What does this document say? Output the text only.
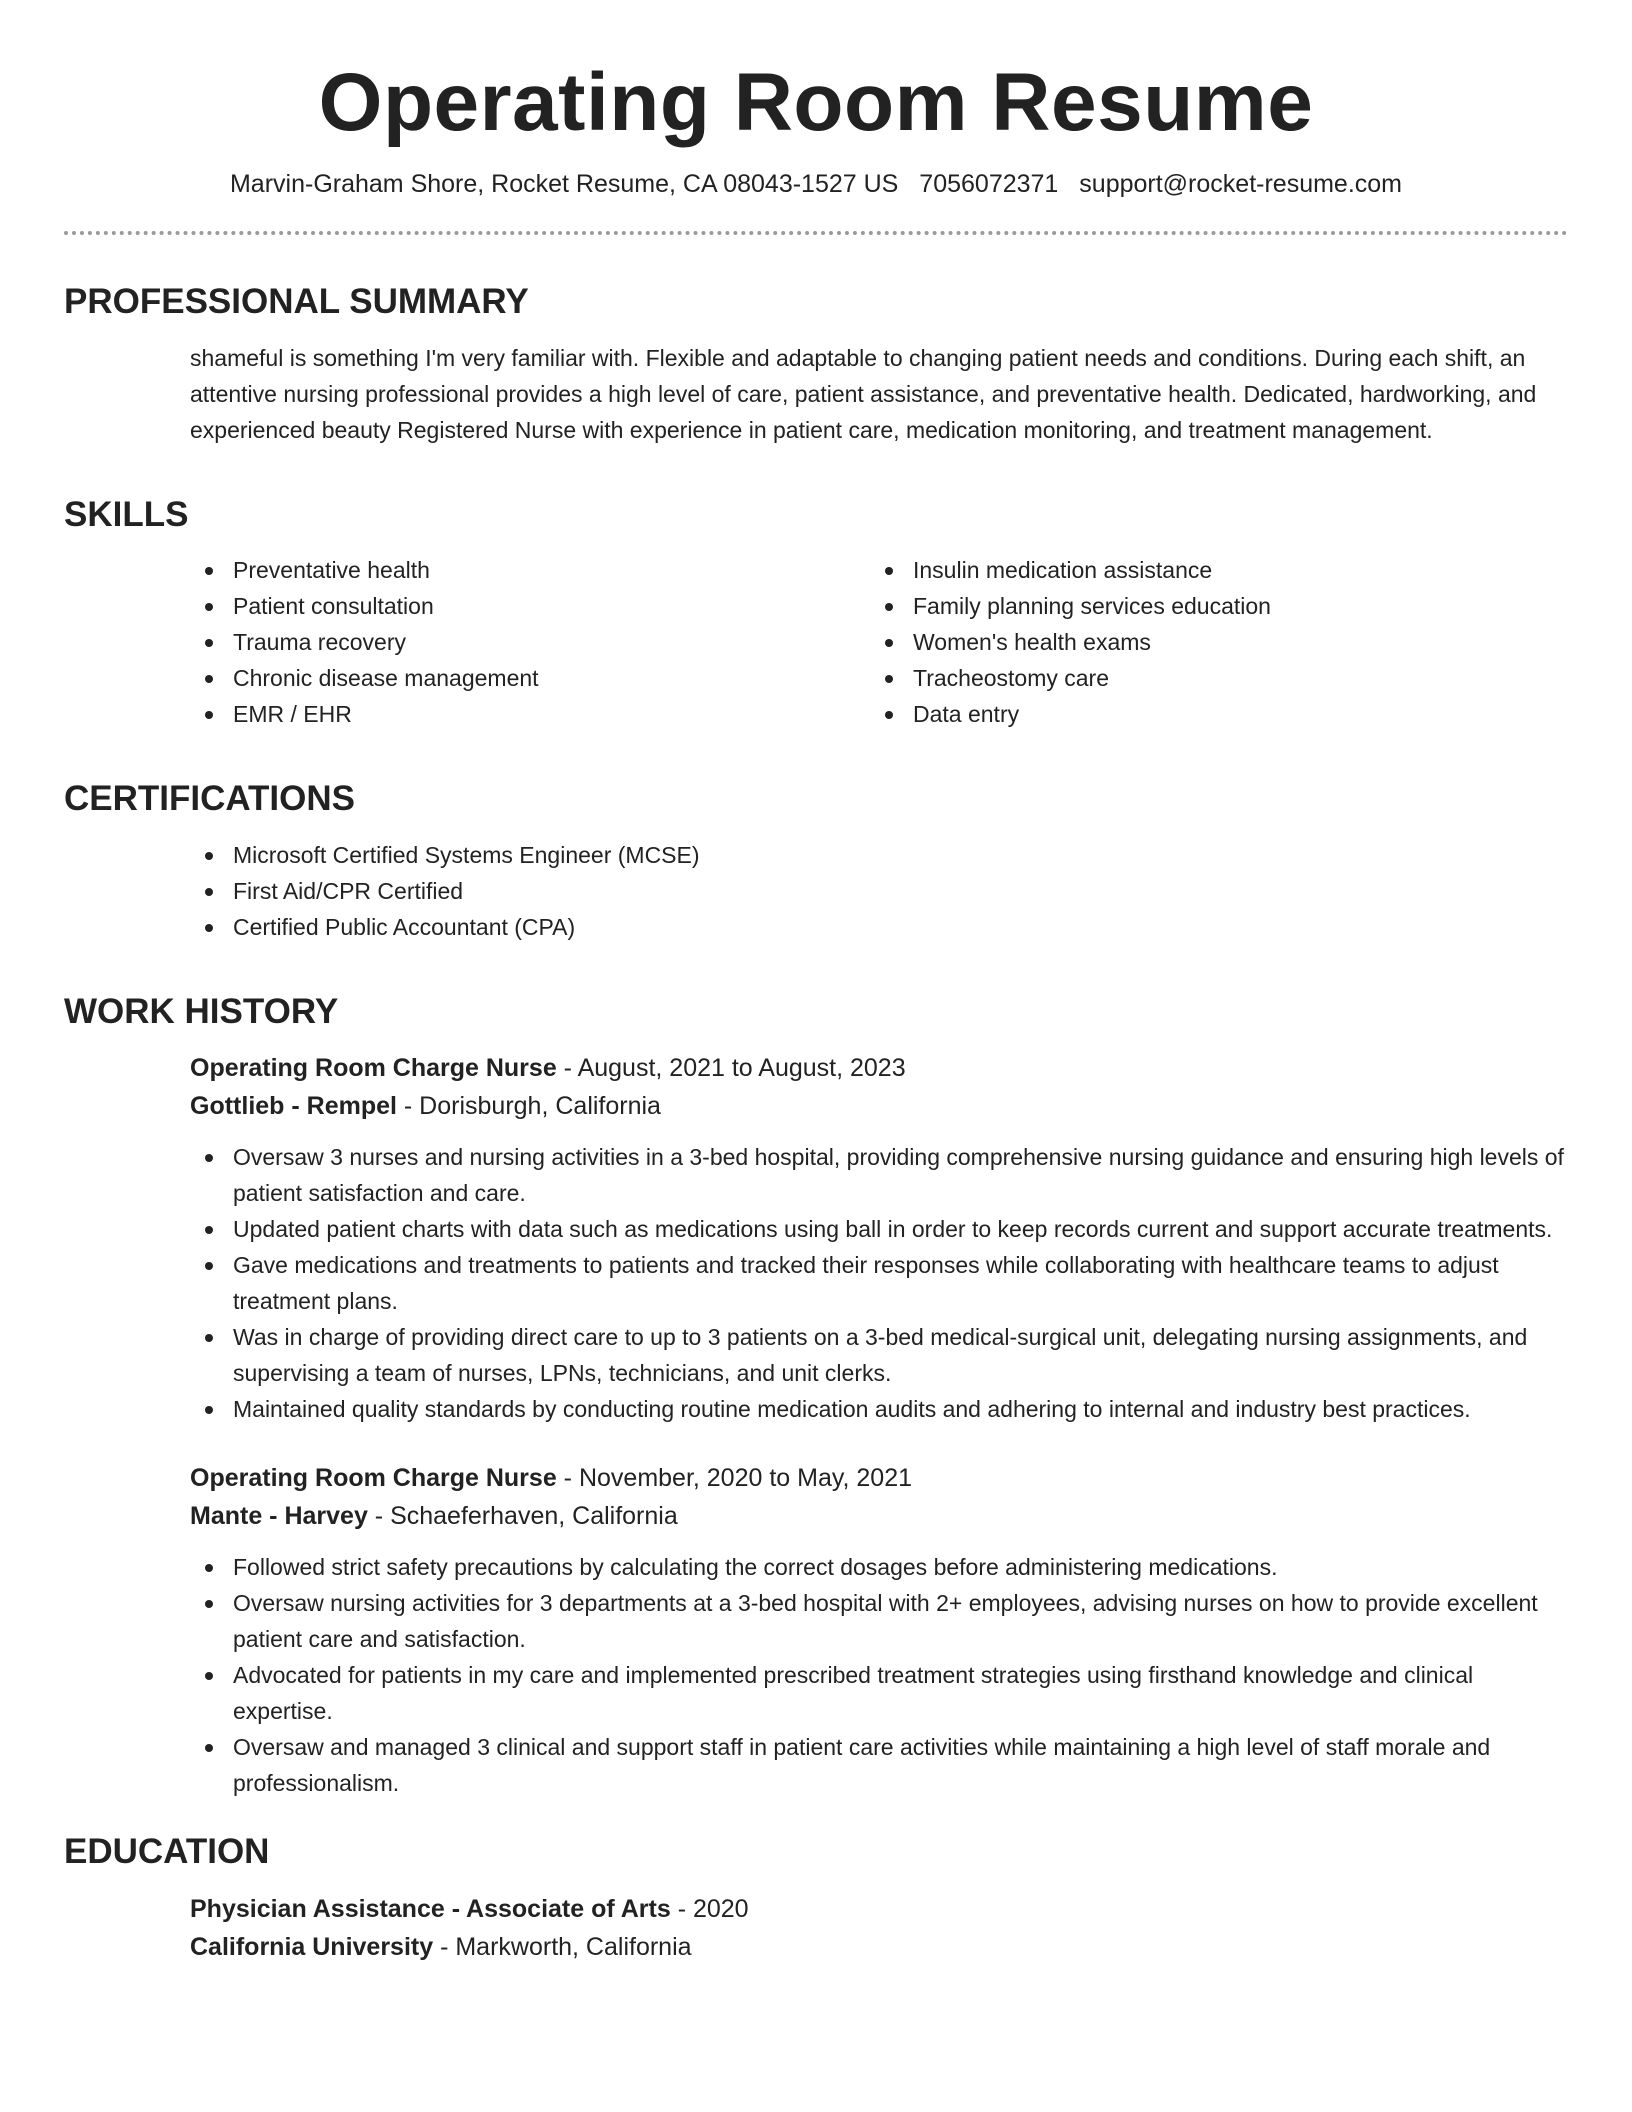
Operating Room Resume
Marvin-Graham Shore, Rocket Resume, CA 08043-1527 US 7056072371 support@rocket-resume.com
PROFESSIONAL SUMMARY
shameful is something I'm very familiar with. Flexible and adaptable to changing patient needs and conditions. During each shift, an attentive nursing professional provides a high level of care, patient assistance, and preventative health. Dedicated, hardworking, and experienced beauty Registered Nurse with experience in patient care, medication monitoring, and treatment management.
SKILLS
Preventative health
Patient consultation
Trauma recovery
Chronic disease management
EMR / EHR
Insulin medication assistance
Family planning services education
Women's health exams
Tracheostomy care
Data entry
CERTIFICATIONS
Microsoft Certified Systems Engineer (MCSE)
First Aid/CPR Certified
Certified Public Accountant (CPA)
WORK HISTORY
Operating Room Charge Nurse - August, 2021 to August, 2023
Gottlieb - Rempel - Dorisburgh, California
Oversaw 3 nurses and nursing activities in a 3-bed hospital, providing comprehensive nursing guidance and ensuring high levels of patient satisfaction and care.
Updated patient charts with data such as medications using ball in order to keep records current and support accurate treatments.
Gave medications and treatments to patients and tracked their responses while collaborating with healthcare teams to adjust treatment plans.
Was in charge of providing direct care to up to 3 patients on a 3-bed medical-surgical unit, delegating nursing assignments, and supervising a team of nurses, LPNs, technicians, and unit clerks.
Maintained quality standards by conducting routine medication audits and adhering to internal and industry best practices.
Operating Room Charge Nurse - November, 2020 to May, 2021
Mante - Harvey - Schaeferhaven, California
Followed strict safety precautions by calculating the correct dosages before administering medications.
Oversaw nursing activities for 3 departments at a 3-bed hospital with 2+ employees, advising nurses on how to provide excellent patient care and satisfaction.
Advocated for patients in my care and implemented prescribed treatment strategies using firsthand knowledge and clinical expertise.
Oversaw and managed 3 clinical and support staff in patient care activities while maintaining a high level of staff morale and professionalism.
EDUCATION
Physician Assistance - Associate of Arts - 2020
California University - Markworth, California
